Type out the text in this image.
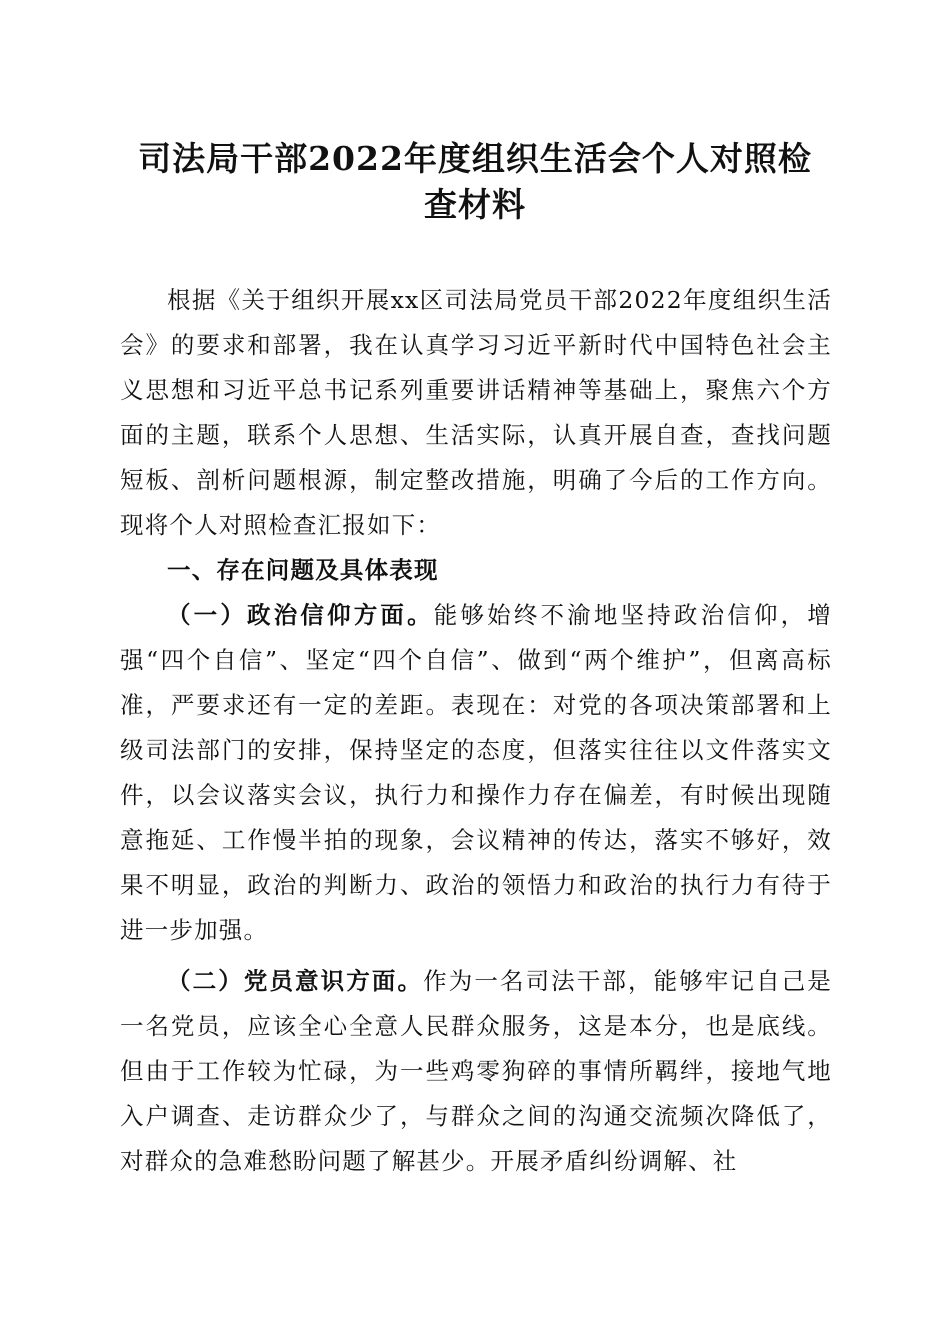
司法局干部2022年度组织生活会个人对照检
查材料

根据《关于组织开展xx区司法局党员干部2022年度组织生活会》的要求和部署，我在认真学习习近平新时代中国特色社会主义思想和习近平总书记系列重要讲话精神等基础上，聚焦六个方面的主题，联系个人思想、生活实际，认真开展自查，查找问题短板、剖析问题根源，制定整改措施，明确了今后的工作方向。现将个人对照检查汇报如下：

一、存在问题及具体表现

（一）政治信仰方面。能够始终不渝地坚持政治信仰，增强“四个自信”、坚定“四个自信”、做到“两个维护”，但离高标准，严要求还有一定的差距。表现在：对党的各项决策部署和上级司法部门的安排，保持坚定的态度，但落实往往以文件落实文件，以会议落实会议，执行力和操作力存在偏差，有时候出现随意拖延、工作慢半拍的现象，会议精神的传达，落实不够好，效果不明显，政治的判断力、政治的领悟力和政治的执行力有待于进一步加强。

（二）党员意识方面。作为一名司法干部，能够牢记自己是一名党员，应该全心全意人民群众服务，这是本分，也是底线。但由于工作较为忙碌，为一些鸡零狗碎的事情所羁绊，接地气地入户调查、走访群众少了，与群众之间的沟通交流频次降低了，对群众的急难愁盼问题了解甚少。开展矛盾纠纷调解、社
